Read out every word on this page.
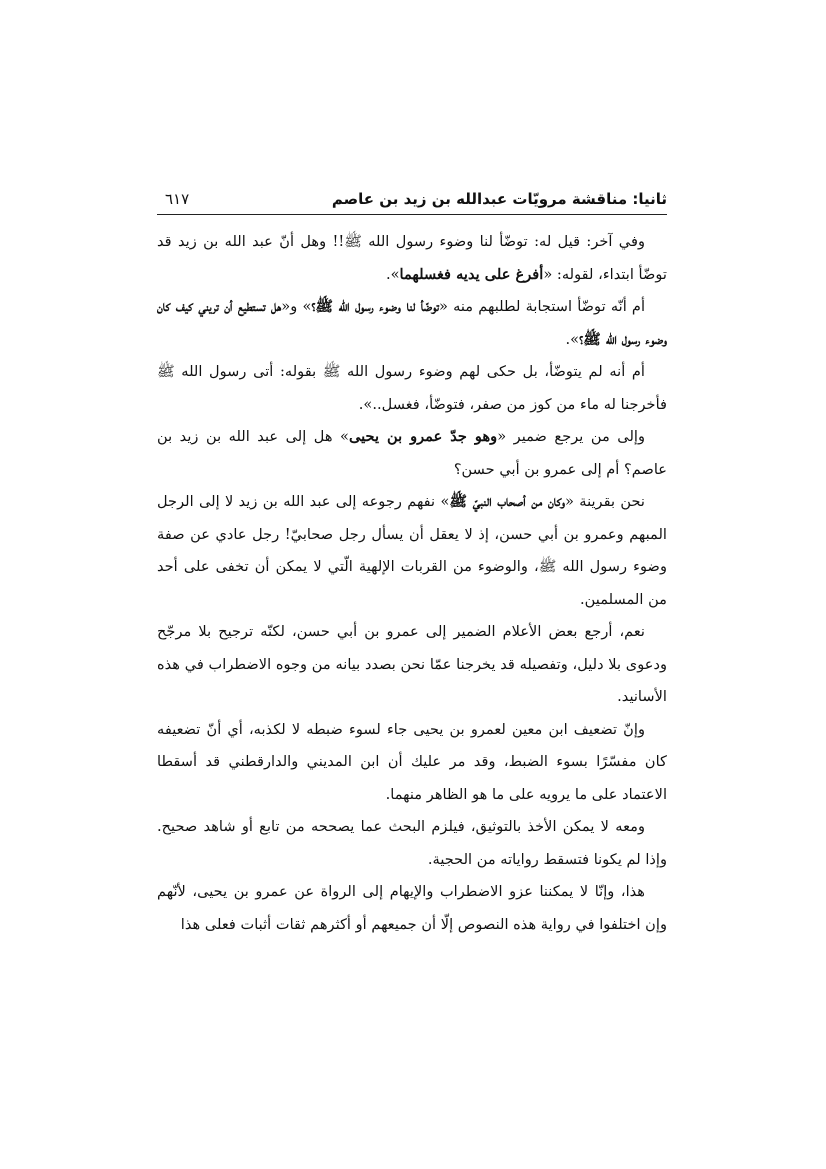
ثانيا: مناقشة مرويّات عبدالله بن زيد بن عاصم
٦١٧

وفي آخر: قيل له: توضّأ لنا وضوء رسول الله ﷺ!! وهل أنّ عبد الله بن زيد قد توضّأ ابتداء، لقوله: «أفرغ على يديه فغسلهما».

أم أنّه توضّأ استجابة لطلبهم منه «توضّأ لنا وضوء رسول الله ﷺ؟» و«هل تستطيع أن تريني كيف كان وضوء رسول الله ﷺ؟».

أم أنه لم يتوضّأ، بل حكى لهم وضوء رسول الله ﷺ بقوله: أتى رسول الله ﷺ فأخرجنا له ماء من كوز من صفر، فتوضّأ، فغسل..».

وإلى من يرجع ضمير «وهو جدّ عمرو بن يحيى» هل إلى عبد الله بن زيد بن عاصم؟ أم إلى عمرو بن أبي حسن؟

نحن بقرينة «وكان من أصحاب النبيّ ﷺ» نفهم رجوعه إلى عبد الله بن زيد لا إلى الرجل المبهم وعمرو بن أبي حسن، إذ لا يعقل أن يسأل رجل صحابيّ! رجل عادي عن صفة وضوء رسول الله ﷺ، والوضوء من القربات الإلهية الّتي لا يمكن أن تخفى على أحد من المسلمين.

نعم، أرجع بعض الأعلام الضمير إلى عمرو بن أبي حسن، لكنّه ترجيح بلا مرجّح ودعوى بلا دليل، وتفصيله قد يخرجنا عمّا نحن بصدد بيانه من وجوه الاضطراب في هذه الأسانيد.

وإنّ تضعيف ابن معين لعمرو بن يحيى جاء لسوء ضبطه لا لكذبه، أي أنّ تضعيفه كان مفسّرًا بسوء الضبط، وقد مر عليك أن ابن المديني والدارقطني قد أسقطا الاعتماد على ما يرويه على ما هو الظاهر منهما.

ومعه لا يمكن الأخذ بالتوثيق، فيلزم البحث عما يصححه من تابع أو شاهد صحيح. وإذا لم يكونا فتسقط رواياته من الحجية.

هذا، وإنّا لا يمكننا عزو الاضطراب والإيهام إلى الرواة عن عمرو بن يحيى، لأنّهم وإن اختلفوا في رواية هذه النصوص إلّا أن جميعهم أو أكثرهم ثقات أثبات فعلى هذا
